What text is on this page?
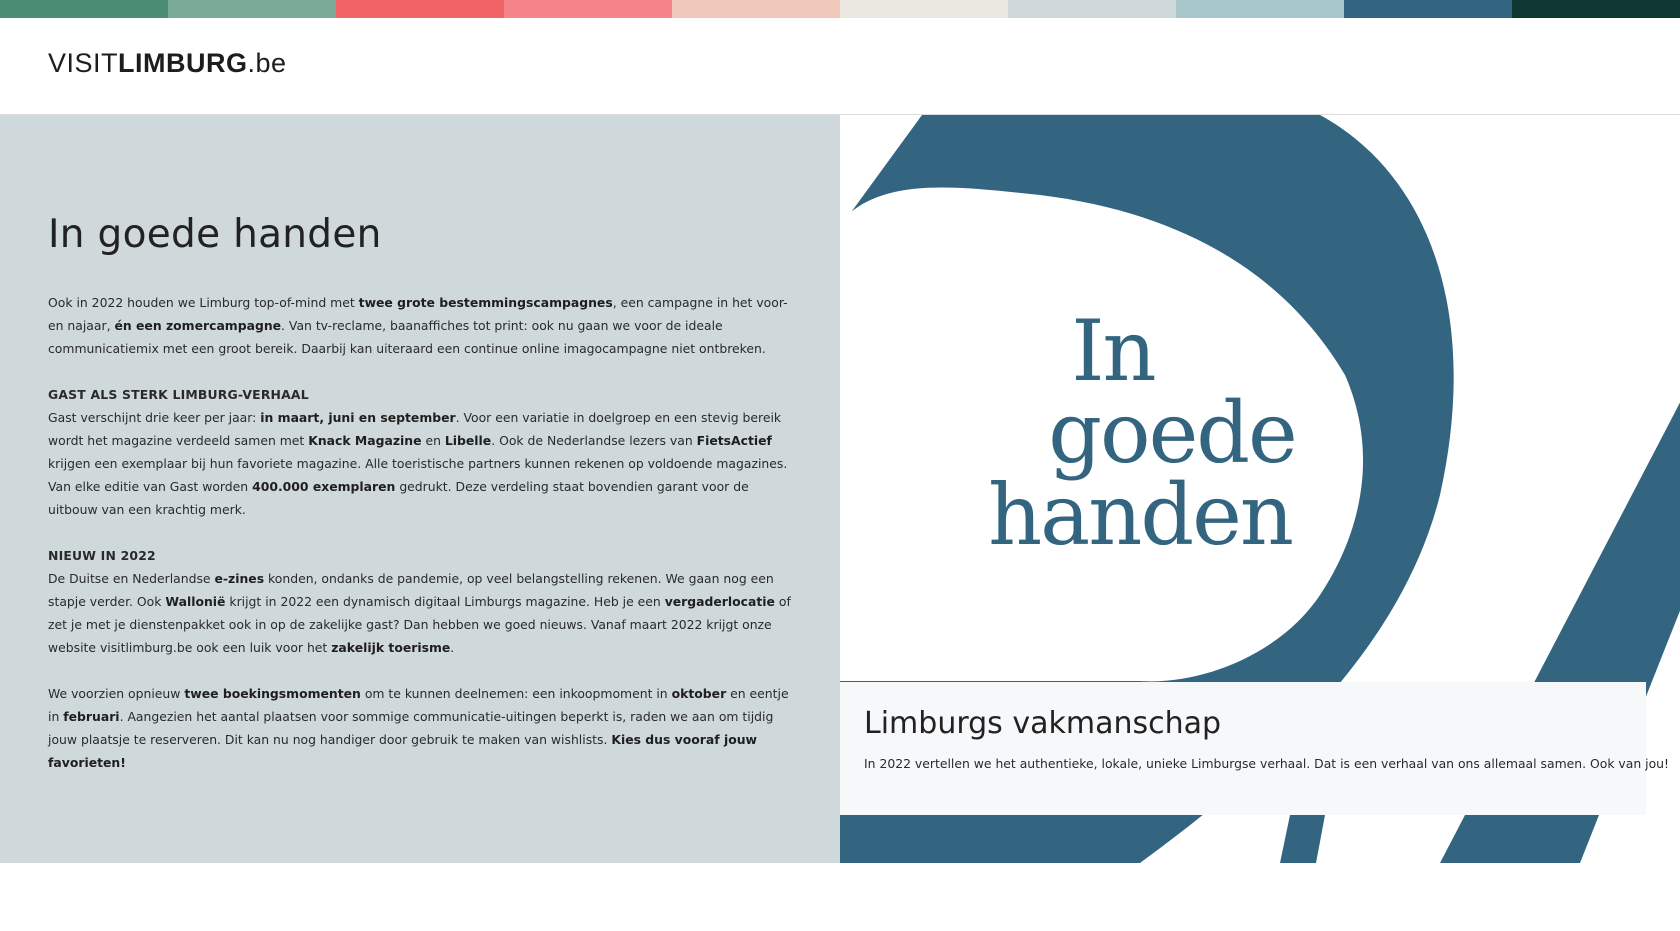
VISITLIMBURG.be
In goede handen

Ook in 2022 houden we Limburg top-of-mind met twee grote bestemmingscampagnes, een campagne in het voor- en najaar, én een zomercampagne. Van tv-reclame, baanaffiches tot print: ook nu gaan we voor de ideale communicatiemix met een groot bereik. Daarbij kan uiteraard een continue online imagocampagne niet ontbreken.

GAST ALS STERK LIMBURG-VERHAAL
Gast verschijnt drie keer per jaar: in maart, juni en september. Voor een variatie in doelgroep en een stevig bereik wordt het magazine verdeeld samen met Knack Magazine en Libelle. Ook de Nederlandse lezers van FietsActief krijgen een exemplaar bij hun favoriete magazine. Alle toeristische partners kunnen rekenen op voldoende magazines. Van elke editie van Gast worden 400.000 exemplaren gedrukt. Deze verdeling staat bovendien garant voor de uitbouw van een krachtig merk.

NIEUW IN 2022
De Duitse en Nederlandse e-zines konden, ondanks de pandemie, op veel belangstelling rekenen. We gaan nog een stapje verder. Ook Wallonië krijgt in 2022 een dynamisch digitaal Limburgs magazine. Heb je een vergaderlocatie of zet je met je dienstenpakket ook in op de zakelijke gast? Dan hebben we goed nieuws. Vanaf maart 2022 krijgt onze website visitlimburg.be ook een luik voor het zakelijk toerisme.

We voorzien opnieuw twee boekingsmomenten om te kunnen deelnemen: een inkoopmoment in oktober en eentje in februari. Aangezien het aantal plaatsen voor sommige communicatie-uitingen beperkt is, raden we aan om tijdig jouw plaatsje te reserveren. Dit kan nu nog handiger door gebruik te maken van wishlists. Kies dus vooraf jouw favorieten!

In
goede
handen
Limburgs vakmanschap

In 2022 vertellen we het authentieke, lokale, unieke Limburgse verhaal. Dat is een verhaal van ons allemaal samen. Ook van jou!
